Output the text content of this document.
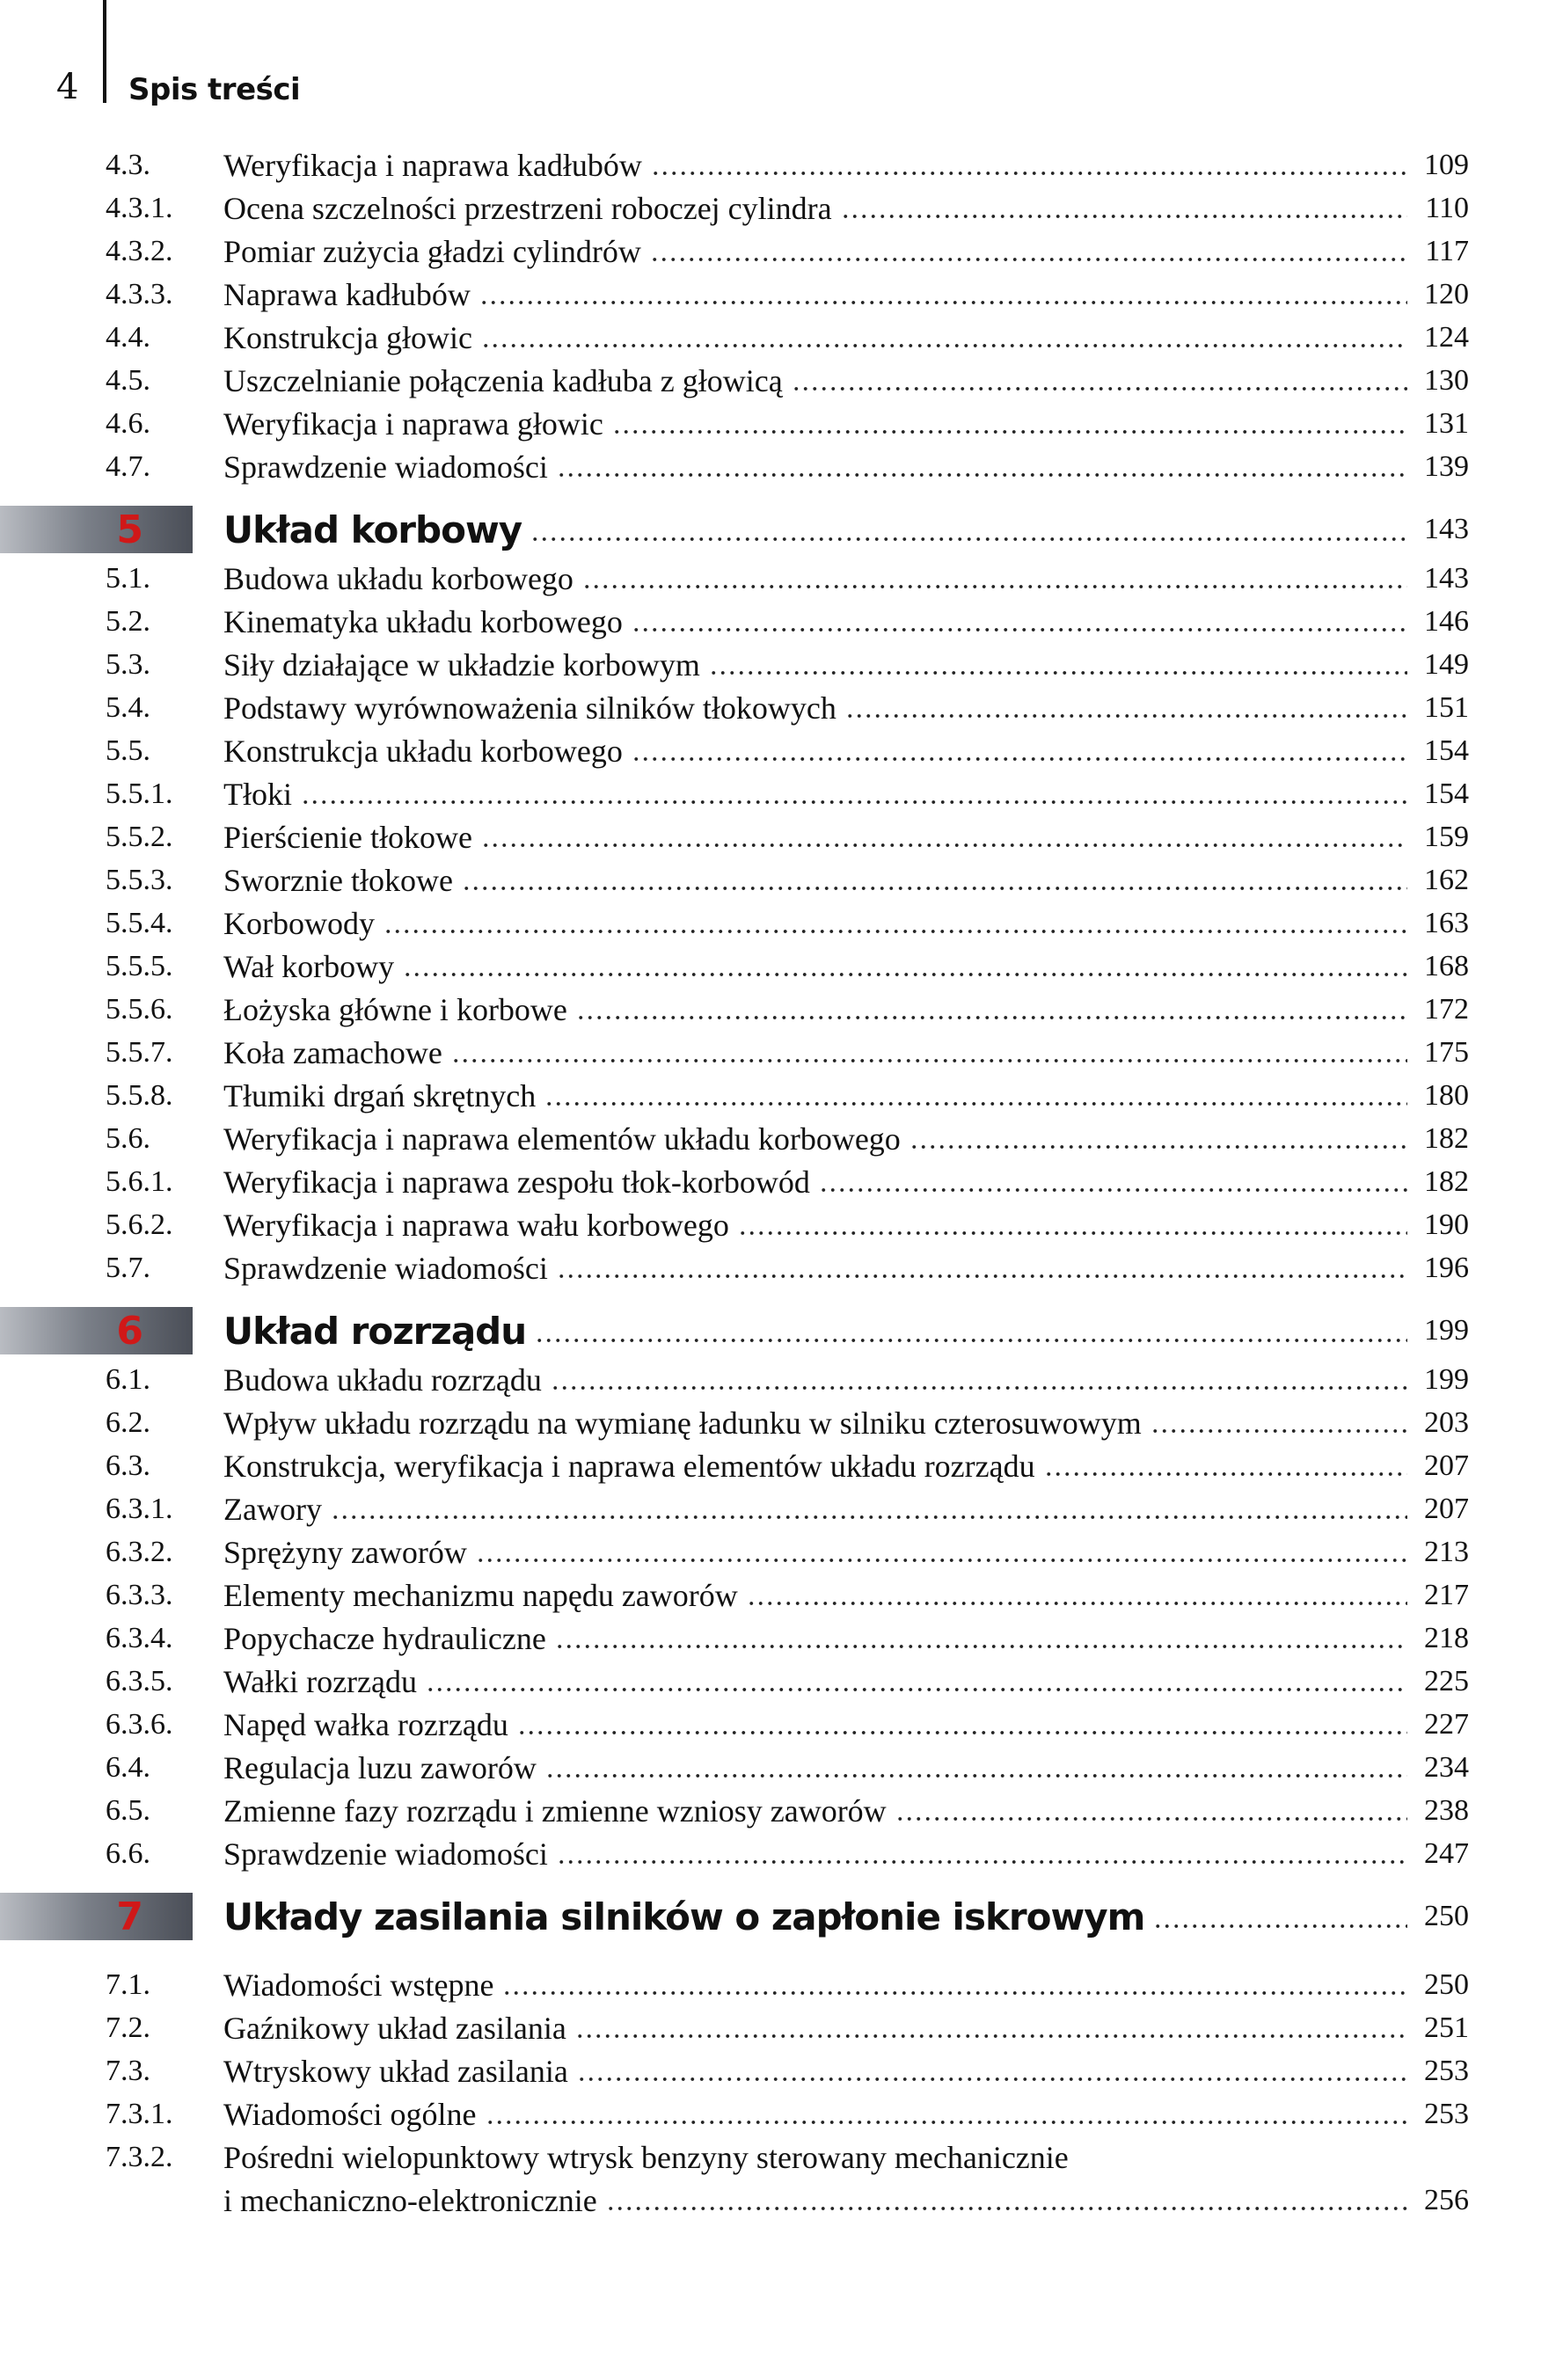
4 Spis treści
4.3. Weryfikacja i naprawa kadłubów	109
4.3.1. Ocena szczelności przestrzeni roboczej cylindra	110
4.3.2. Pomiar zużycia gładzi cylindrów	117
4.3.3. Naprawa kadłubów	120
4.4. Konstrukcja głowic	124
4.5. Uszczelnianie połączenia kadłuba z głowicą	130
4.6. Weryfikacja i naprawa głowic	131
4.7. Sprawdzenie wiadomości	139
5 Układ korbowy	143
5.1. Budowa układu korbowego	143
5.2. Kinematyka układu korbowego	146
5.3. Siły działające w układzie korbowym	149
5.4. Podstawy wyrównoważenia silników tłokowych	151
5.5. Konstrukcja układu korbowego	154
5.5.1. Tłoki	154
5.5.2. Pierścienie tłokowe	159
5.5.3. Sworznie tłokowe	162
5.5.4. Korbowody	163
5.5.5. Wał korbowy	168
5.5.6. Łożyska główne i korbowe	172
5.5.7. Koła zamachowe	175
5.5.8. Tłumiki drgań skrętnych	180
5.6. Weryfikacja i naprawa elementów układu korbowego	182
5.6.1. Weryfikacja i naprawa zespołu tłok-korbowód	182
5.6.2. Weryfikacja i naprawa wału korbowego	190
5.7. Sprawdzenie wiadomości	196
6 Układ rozrządu	199
6.1. Budowa układu rozrządu	199
6.2. Wpływ układu rozrządu na wymianę ładunku w silniku czterosuwowym	203
6.3. Konstrukcja, weryfikacja i naprawa elementów układu rozrządu	207
6.3.1. Zawory	207
6.3.2. Sprężyny zaworów	213
6.3.3. Elementy mechanizmu napędu zaworów	217
6.3.4. Popychacze hydrauliczne	218
6.3.5. Wałki rozrządu	225
6.3.6. Napęd wałka rozrządu	227
6.4. Regulacja luzu zaworów	234
6.5. Zmienne fazy rozrządu i zmienne wzniosy zaworów	238
6.6. Sprawdzenie wiadomości	247
7 Układy zasilania silników o zapłonie iskrowym	250
7.1. Wiadomości wstępne	250
7.2. Gaźnikowy układ zasilania	251
7.3. Wtryskowy układ zasilania	253
7.3.1. Wiadomości ogólne	253
7.3.2. Pośredni wielopunktowy wtrysk benzyny sterowany mechanicznie
i mechaniczno-elektronicznie	256
